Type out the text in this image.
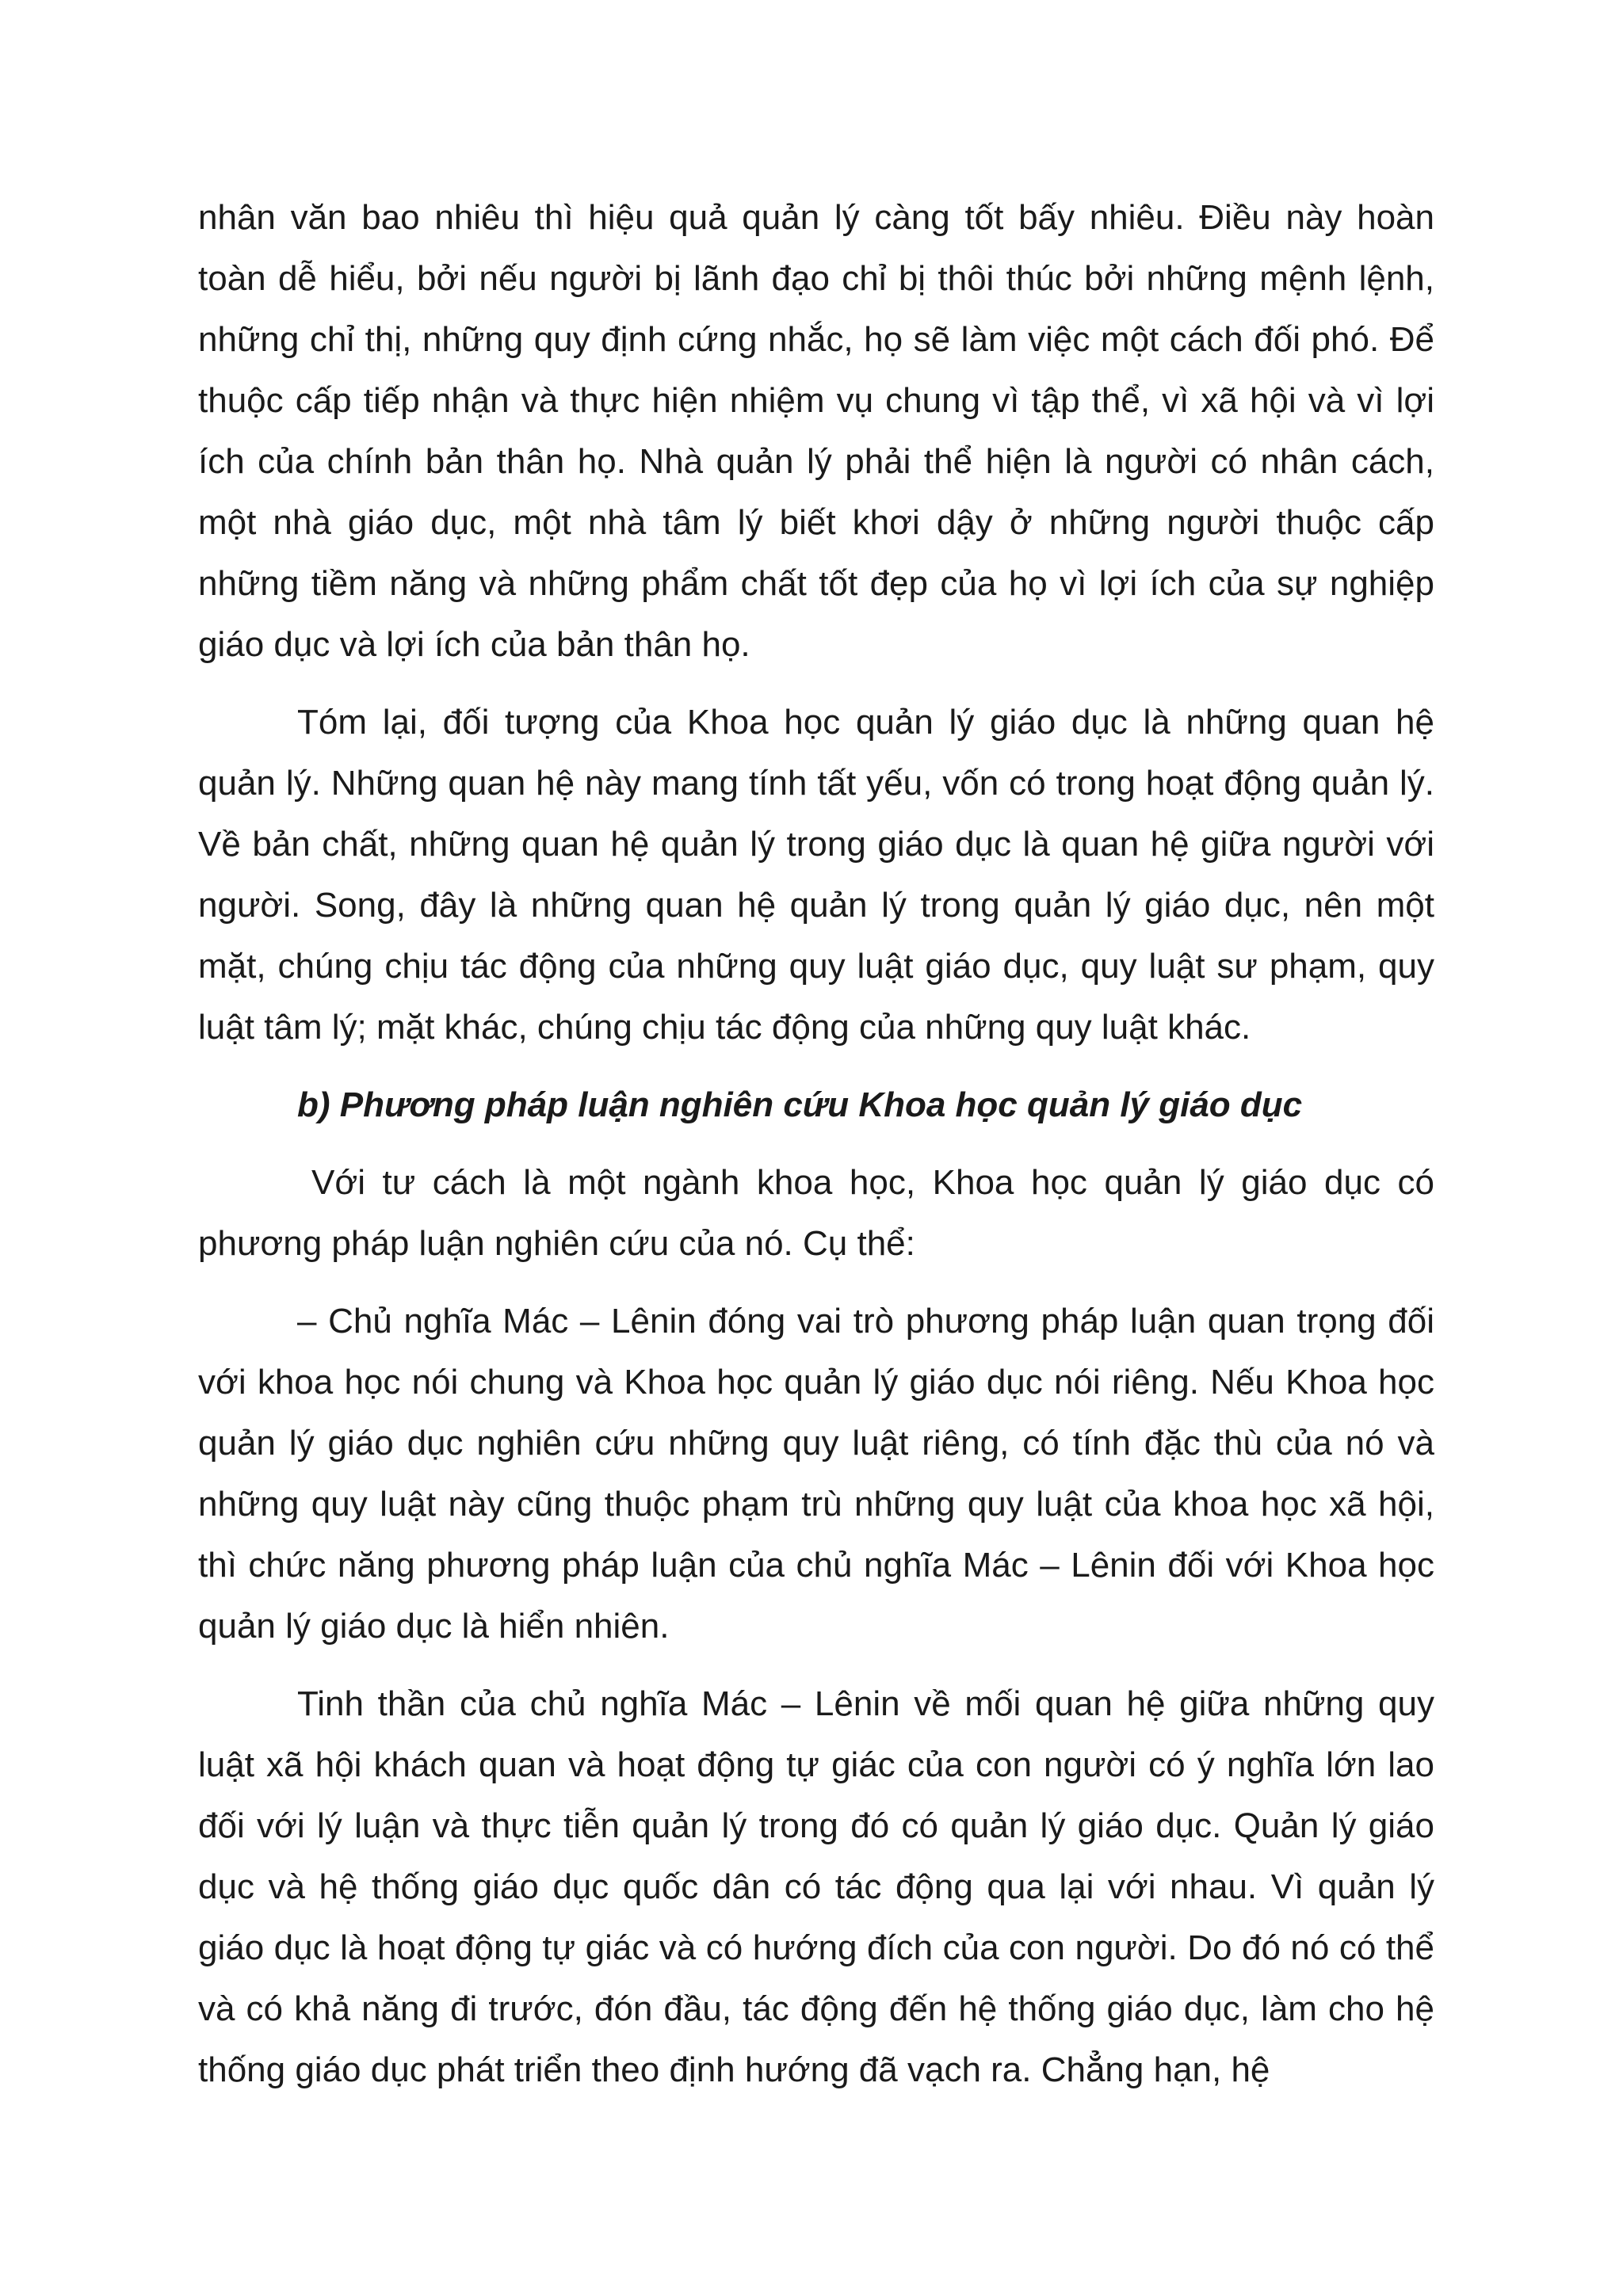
nhân văn bao nhiêu thì hiệu quả quản lý càng tốt bấy nhiêu. Điều này hoàn toàn dễ hiểu, bởi nếu người bị lãnh đạo chỉ bị thôi thúc bởi những mệnh lệnh, những chỉ thị, những quy định cứng nhắc, họ sẽ làm việc một cách đối phó. Để thuộc cấp tiếp nhận và thực hiện nhiệm vụ chung vì tập thể, vì xã hội và vì lợi ích của chính bản thân họ. Nhà quản lý phải thể hiện là người có nhân cách, một nhà giáo dục, một nhà tâm lý biết khơi dậy ở những người thuộc cấp những tiềm năng và những phẩm chất tốt đẹp của họ vì lợi ích của sự nghiệp giáo dục và lợi ích của bản thân họ.

Tóm lại, đối tượng của Khoa học quản lý giáo dục là những quan hệ quản lý. Những quan hệ này mang tính tất yếu, vốn có trong hoạt động quản lý. Về bản chất, những quan hệ quản lý trong giáo dục là quan hệ giữa người với người. Song, đây là những quan hệ quản lý trong quản lý giáo dục, nên một mặt, chúng chịu tác động của những quy luật giáo dục, quy luật sư phạm, quy luật tâm lý; mặt khác, chúng chịu tác động của những quy luật khác.

b) Phương pháp luận nghiên cứu Khoa học quản lý giáo dục

Với tư cách là một ngành khoa học, Khoa học quản lý giáo dục có phương pháp luận nghiên cứu của nó. Cụ thể:

– Chủ nghĩa Mác – Lênin đóng vai trò phương pháp luận quan trọng đối với khoa học nói chung và Khoa học quản lý giáo dục nói riêng. Nếu Khoa học quản lý giáo dục nghiên cứu những quy luật riêng, có tính đặc thù của nó và những quy luật này cũng thuộc phạm trù những quy luật của khoa học xã hội, thì chức năng phương pháp luận của chủ nghĩa Mác – Lênin đối với Khoa học quản lý giáo dục là hiển nhiên.

Tinh thần của chủ nghĩa Mác – Lênin về mối quan hệ giữa những quy luật xã hội khách quan và hoạt động tự giác của con người có ý nghĩa lớn lao đối với lý luận và thực tiễn quản lý trong đó có quản lý giáo dục. Quản lý giáo dục và hệ thống giáo dục quốc dân có tác động qua lại với nhau. Vì quản lý giáo dục là hoạt động tự giác và có hướng đích của con người. Do đó nó có thể và có khả năng đi trước, đón đầu, tác động đến hệ thống giáo dục, làm cho hệ thống giáo dục phát triển theo định hướng đã vạch ra. Chẳng hạn, hệ
